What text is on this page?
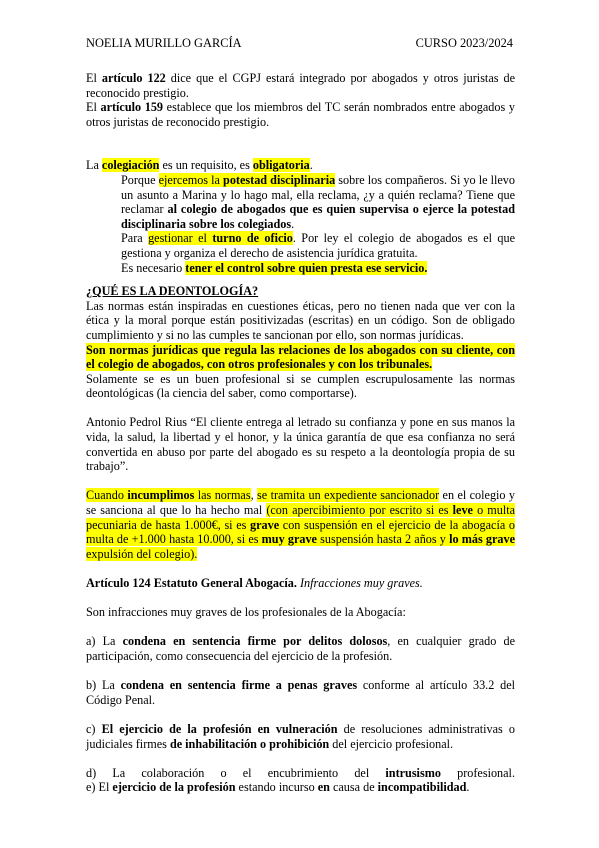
NOELIA MURILLO GARCÍA	CURSO 2023/2024

El artículo 122 dice que el CGPJ estará integrado por abogados y otros juristas de reconocido prestigio.

El artículo 159 establece que los miembros del TC serán nombrados entre abogados y otros juristas de reconocido prestigio.

La colegiación es un requisito, es obligatoria.

Porque ejercemos la potestad disciplinaria sobre los compañeros. Si yo le llevo un asunto a Marina y lo hago mal, ella reclama, ¿y a quién reclama? Tiene que reclamar al colegio de abogados que es quien supervisa o ejerce la potestad disciplinaria sobre los colegiados.

Para gestionar el turno de oficio. Por ley el colegio de abogados es el que gestiona y organiza el derecho de asistencia jurídica gratuita.

Es necesario tener el control sobre quien presta ese servicio.

¿QUÉ ES LA DEONTOLOGÍA?

Las normas están inspiradas en cuestiones éticas, pero no tienen nada que ver con la ética y la moral porque están positivizadas (escritas) en un código. Son de obligado cumplimiento y si no las cumples te sancionan por ello, son normas jurídicas.

Son normas jurídicas que regula las relaciones de los abogados con su cliente, con el colegio de abogados, con otros profesionales y con los tribunales.

Solamente se es un buen profesional si se cumplen escrupulosamente las normas deontológicas (la ciencia del saber, como comportarse).

Antonio Pedrol Rius “El cliente entrega al letrado su confianza y pone en sus manos la vida, la salud, la libertad y el honor, y la única garantía de que esa confianza no será convertida en abuso por parte del abogado es su respeto a la deontología propia de su trabajo”.

Cuando incumplimos las normas, se tramita un expediente sancionador en el colegio y se sanciona al que lo ha hecho mal (con apercibimiento por escrito si es leve o multa pecuniaria de hasta 1.000€, si es grave con suspensión en el ejercicio de la abogacía o multa de +1.000 hasta 10.000, si es muy grave suspensión hasta 2 años y lo más grave expulsión del colegio).

Artículo 124 Estatuto General Abogacía. Infracciones muy graves.

Son infracciones muy graves de los profesionales de la Abogacía:

a) La condena en sentencia firme por delitos dolosos, en cualquier grado de participación, como consecuencia del ejercicio de la profesión.

b) La condena en sentencia firme a penas graves conforme al artículo 33.2 del Código Penal.

c) El ejercicio de la profesión en vulneración de resoluciones administrativas o judiciales firmes de inhabilitación o prohibición del ejercicio profesional.

d) La colaboración o el encubrimiento del intrusismo profesional.

e) El ejercicio de la profesión estando incurso en causa de incompatibilidad.
